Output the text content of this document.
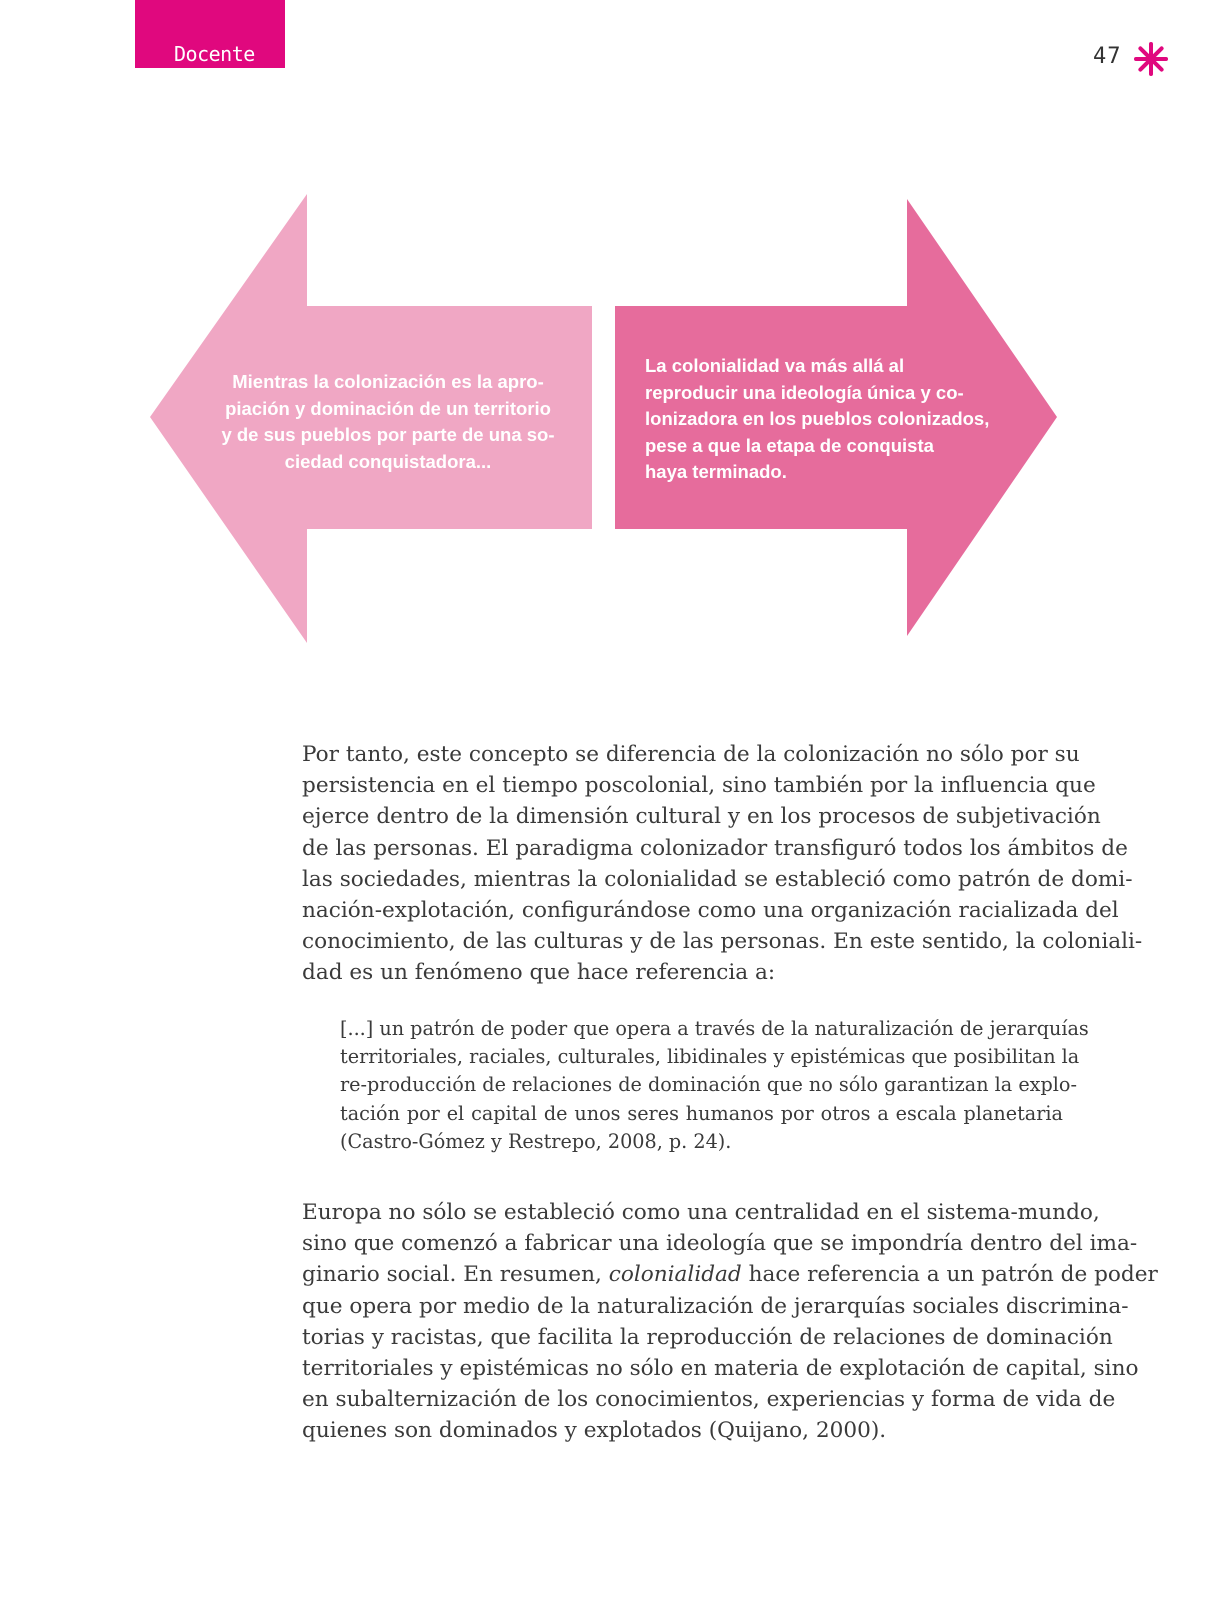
Docente	47
Mientras la colonización es la apro-
piación y dominación de un territorio
y de sus pueblos por parte de una so-
ciedad conquistadora...
La colonialidad va más allá al
reproducir una ideología única y co-
lonizadora en los pueblos colonizados,
pese a que la etapa de conquista
haya terminado.
Por tanto, este concepto se diferencia de la colonización no sólo por su
persistencia en el tiempo poscolonial, sino también por la influencia que
ejerce dentro de la dimensión cultural y en los procesos de subjetivación
de las personas. El paradigma colonizador transfiguró todos los ámbitos de
las sociedades, mientras la colonialidad se estableció como patrón de domi-
nación-explotación, configurándose como una organización racializada del
conocimiento, de las culturas y de las personas. En este sentido, la coloniali-
dad es un fenómeno que hace referencia a:
[...] un patrón de poder que opera a través de la naturalización de jerarquías
territoriales, raciales, culturales, libidinales y epistémicas que posibilitan la
re-producción de relaciones de dominación que no sólo garantizan la explo-
tación por el capital de unos seres humanos por otros a escala planetaria
(Castro-Gómez y Restrepo, 2008, p. 24).
Europa no sólo se estableció como una centralidad en el sistema-mundo,
sino que comenzó a fabricar una ideología que se impondría dentro del ima-
ginario social. En resumen, colonialidad hace referencia a un patrón de poder
que opera por medio de la naturalización de jerarquías sociales discrimina-
torias y racistas, que facilita la reproducción de relaciones de dominación
territoriales y epistémicas no sólo en materia de explotación de capital, sino
en subalternización de los conocimientos, experiencias y forma de vida de
quienes son dominados y explotados (Quijano, 2000).
